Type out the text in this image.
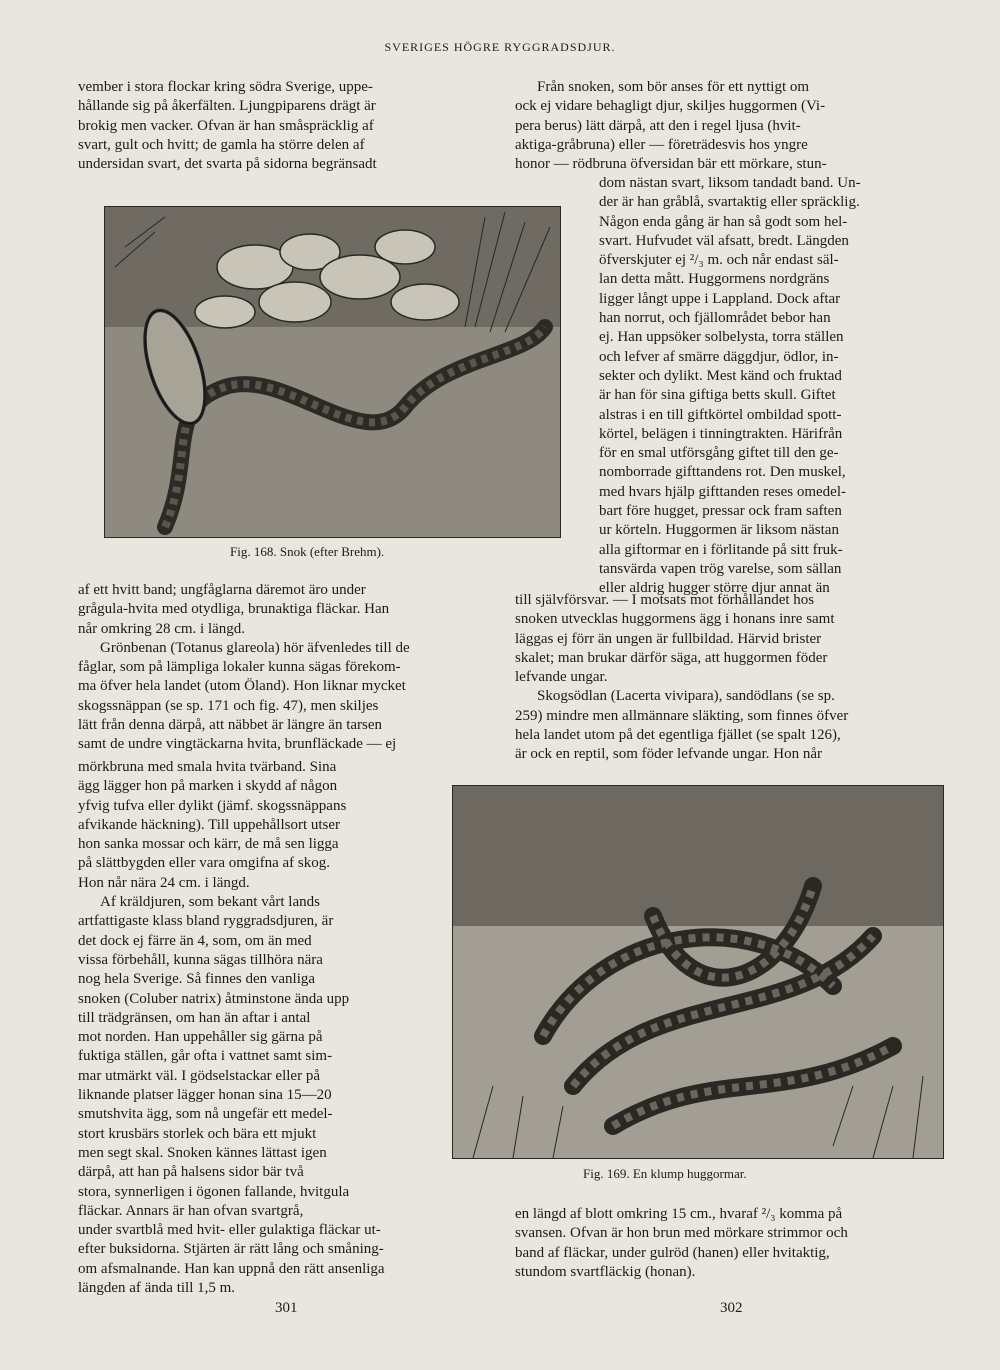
SVERIGES HÖGRE RYGGRADSDJUR.

vember i stora flockar kring södra Sverige, uppe-

hållande sig på åkerfälten. Ljungpiparens drägt är

brokig men vacker. Ofvan är han småspräcklig af

svart, gult och hvitt; de gamla ha större delen af

undersidan svart, det svarta på sidorna begränsadt

af ett hvitt band; ungfåglarna däremot äro under

grågula-hvita med otydliga, brunaktiga fläckar. Han

når omkring 28 cm. i längd.

Grönbenan (Totanus glareola) hör äfvenledes till de

fåglar, som på lämpliga lokaler kunna sägas förekom-

ma öfver hela landet (utom Öland). Hon liknar mycket

skogssnäppan (se sp. 171 och fig. 47), men skiljes

lätt från denna därpå, att näbbet är längre än tarsen

samt de undre vingtäckarna hvita, brunfläckade — ej

mörkbruna med smala hvita tvärband. Sina

ägg lägger hon på marken i skydd af någon

yfvig tufva eller dylikt (jämf. skogssnäppans

afvikande häckning). Till uppehållsort utser

hon sanka mossar och kärr, de må sen ligga

på slättbygden eller vara omgifna af skog.

Hon når nära 24 cm. i längd.

Af kräldjuren, som bekant vårt lands

artfattigaste klass bland ryggradsdjuren, är

det dock ej färre än 4, som, om än med

vissa förbehåll, kunna sägas tillhöra nära

nog hela Sverige. Så finnes den vanliga

snoken (Coluber natrix) åtminstone ända upp

till trädgränsen, om han än aftar i antal

mot norden. Han uppehåller sig gärna på

fuktiga ställen, går ofta i vattnet samt sim-

mar utmärkt väl. I gödselstackar eller på

liknande platser lägger honan sina 15—20

smutshvita ägg, som nå ungefär ett medel-

stort krusbärs storlek och bära ett mjukt

men segt skal. Snoken kännes lättast igen

därpå, att han på halsens sidor bär två

stora, synnerligen i ögonen fallande, hvitgula

fläckar. Annars är han ofvan svartgrå,

under svartblå med hvit- eller gulaktiga fläckar ut-

efter buksidorna. Stjärten är rätt lång och småning-

om afsmalnande. Han kan uppnå den rätt ansenliga

längden af ända till 1,5 m.

Från snoken, som bör anses för ett nyttigt om

ock ej vidare behagligt djur, skiljes huggormen (Vi-

pera berus) lätt därpå, att den i regel ljusa (hvit-

aktiga-gråbruna) eller — företrädesvis hos yngre

honor — rödbruna öfversidan bär ett mörkare, stun-

dom nästan svart, liksom tandadt band. Un-

der är han gråblå, svartaktig eller spräcklig.

Någon enda gång är han så godt som hel-

svart. Hufvudet väl afsatt, bredt. Längden

öfverskjuter ej ²/₃ m. och når endast säl-

lan detta mått. Huggormens nordgräns

ligger långt uppe i Lappland. Dock aftar

han norrut, och fjällområdet bebor han

ej. Han uppsöker solbelysta, torra ställen

och lefver af smärre däggdjur, ödlor, in-

sekter och dylikt. Mest känd och fruktad

är han för sina giftiga betts skull. Giftet

alstras i en till giftkörtel ombildad spott-

körtel, belägen i tinningtrakten. Härifrån

för en smal utförsgång giftet till den ge-

nomborrade gifttandens rot. Den muskel,

med hvars hjälp gifttanden reses omedel-

bart före hugget, pressar ock fram saften

ur körteln. Huggormen är liksom nästan

alla giftormar en i förlitande på sitt fruk-

tansvärda vapen trög varelse, som sällan

eller aldrig hugger större djur annat än

till självförsvar. — I motsats mot förhållandet hos

snoken utvecklas huggormens ägg i honans inre samt

läggas ej förr än ungen är fullbildad. Härvid brister

skalet; man brukar därför säga, att huggormen föder

lefvande ungar.

Skogsödlan (Lacerta vivipara), sandödlans (se sp.

259) mindre men allmännare släkting, som finnes öfver

hela landet utom på det egentliga fjället (se spalt 126),

är ock en reptil, som föder lefvande ungar. Hon når

en längd af blott omkring 15 cm., hvaraf ²/₃ komma på

svansen. Ofvan är hon brun med mörkare strimmor och

band af fläckar, under gulröd (hanen) eller hvitaktig,

stundom svartfläckig (honan).

Fig. 168. Snok (efter Brehm).
Fig. 169. En klump huggormar.
301	302
